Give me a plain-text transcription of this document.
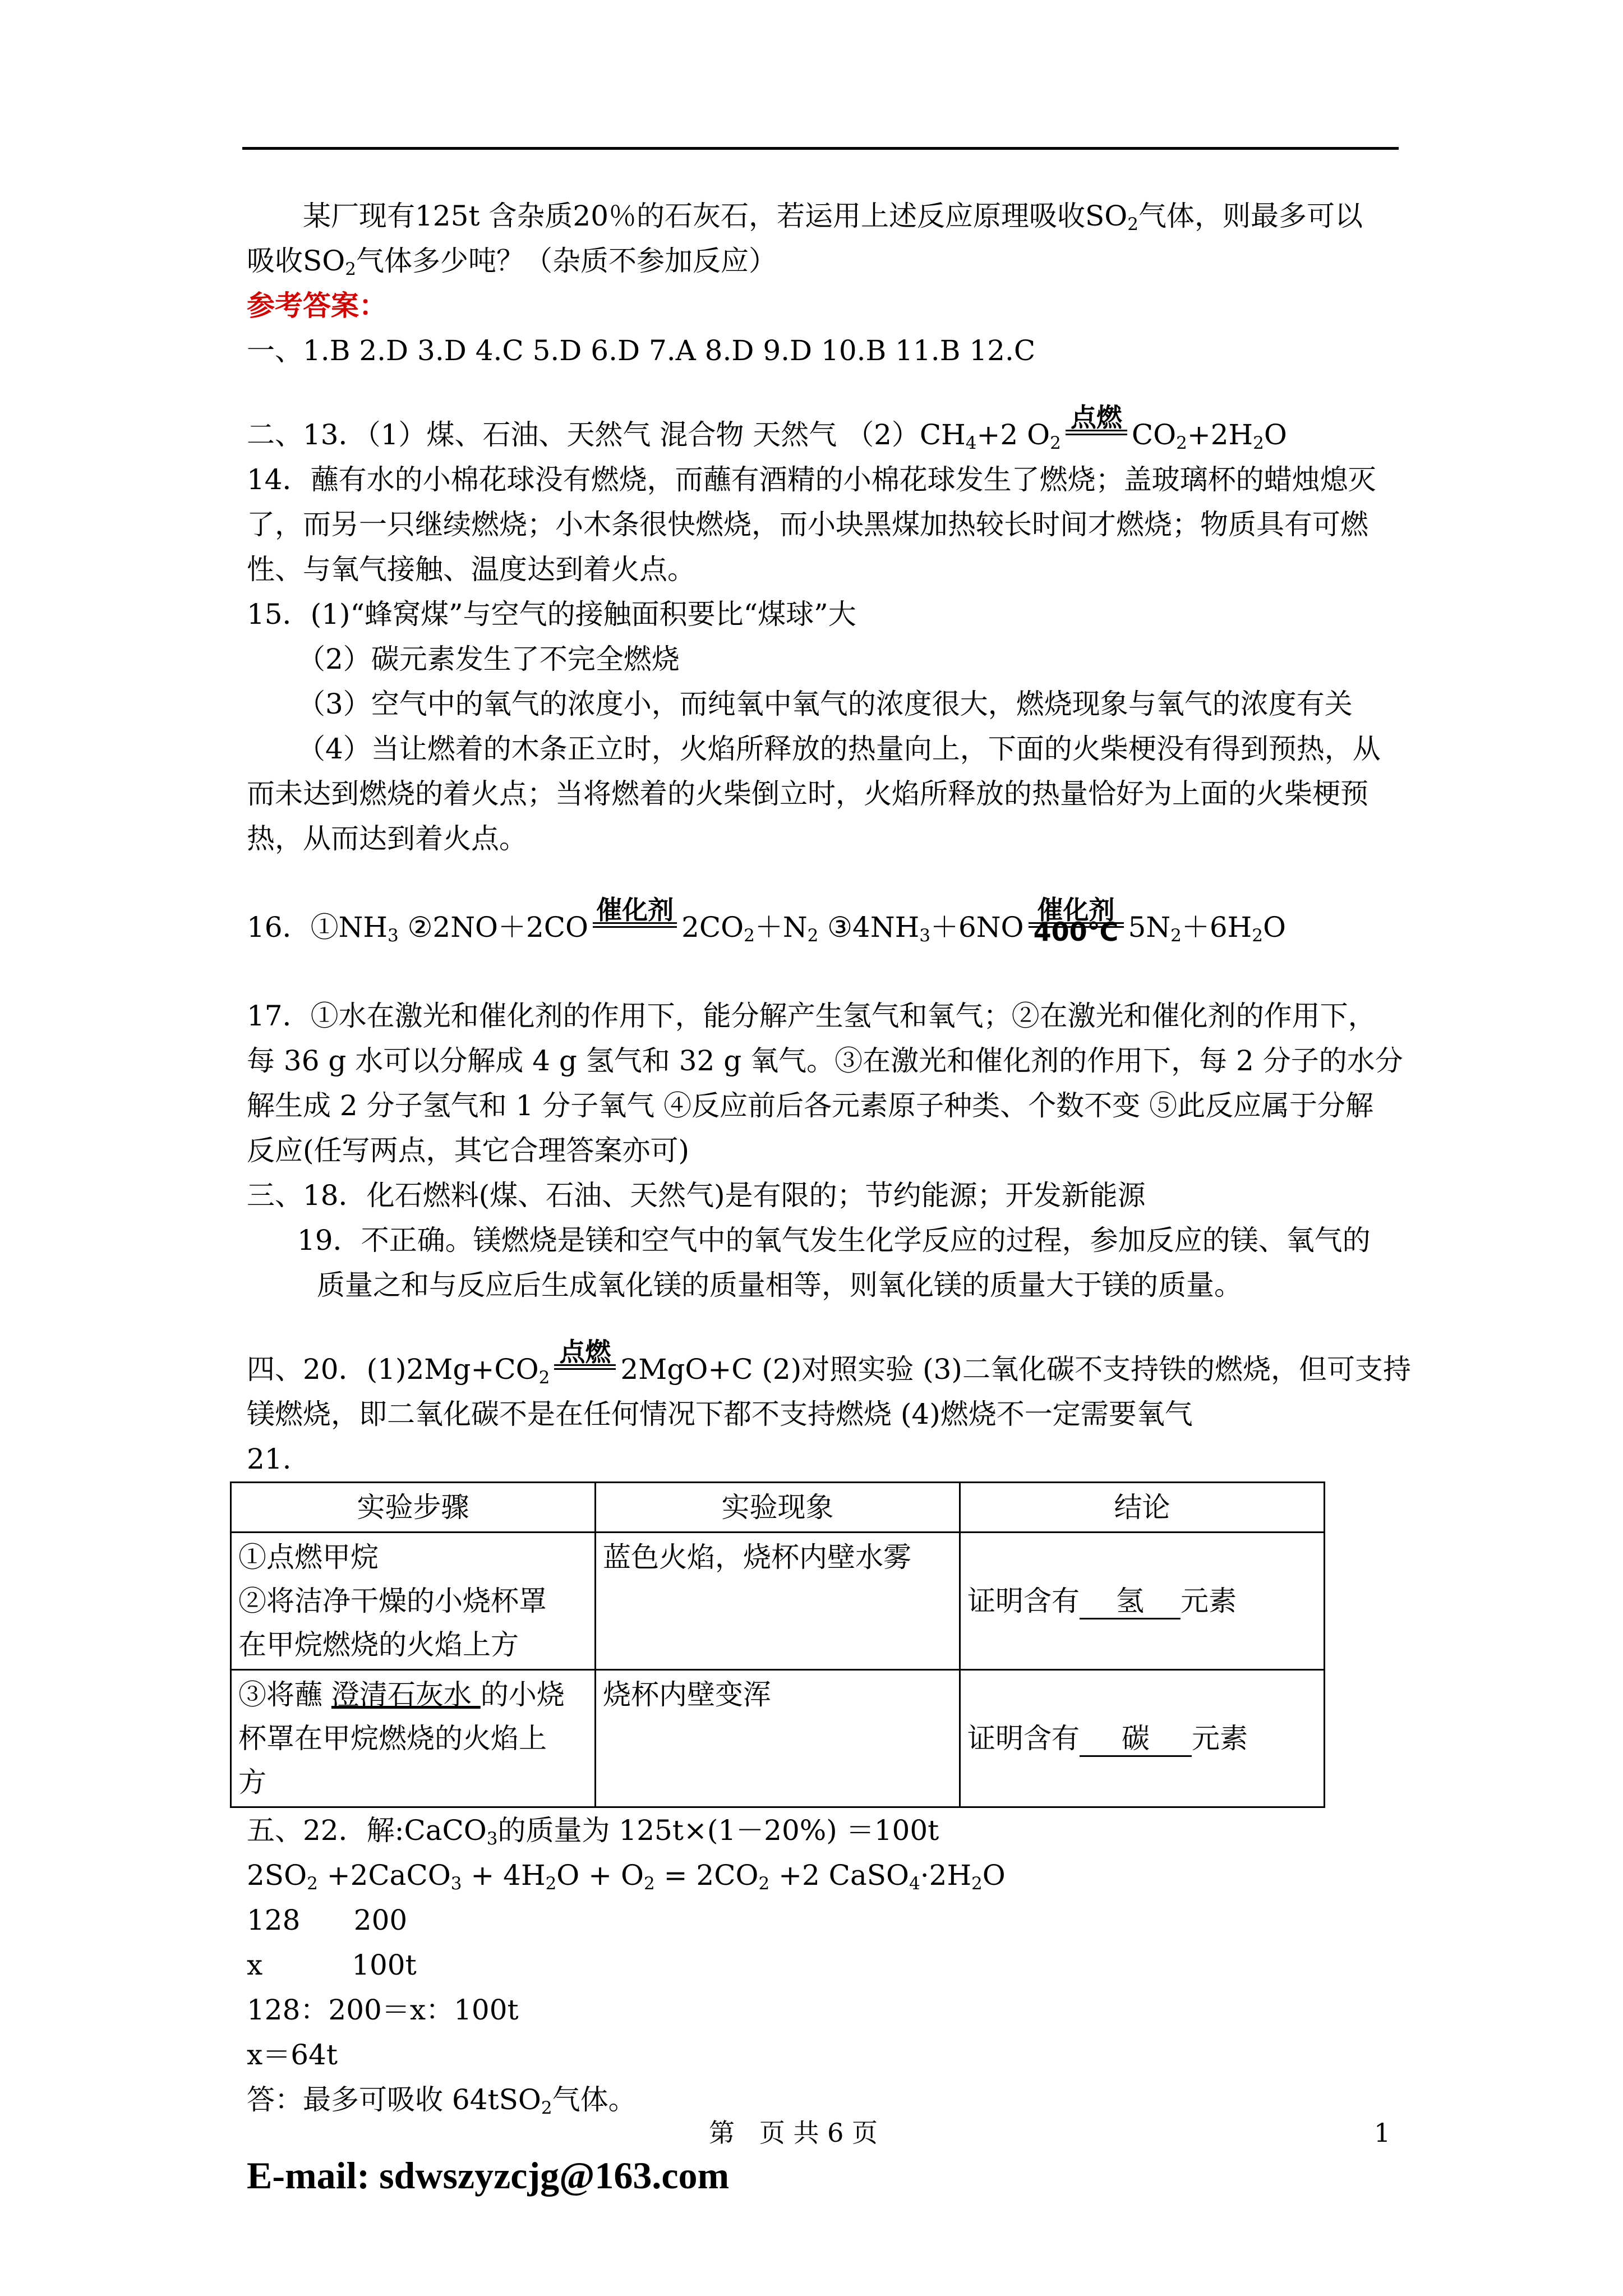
某厂现有125t 含杂质20％的石灰石，若运用上述反应原理吸收$SO_2$气体，则最多可以

吸收$SO_2$气体多少吨？（杂质不参加反应）

参考答案：

一、1.B 2.D 3.D 4.C 5.D 6.D 7.A 8.D 9.D 10.B 11.B 12.C

二、13．（1）煤、石油、天然气 混合物 天然气 $(2)CH_4+2$ $O_2$
点燃
$CO_2+2H_2O$

14．蘸有水的小棉花球没有燃烧，而蘸有酒精的小棉花球发生了燃烧；盖玻璃杯的蜡烛熄灭

了，而另一只继续燃烧；小木条很快燃烧，而小块黑煤加热较长时间才燃烧；物质具有可燃

性、与氧气接触、温度达到着火点。

15．(1)“蜂窝煤”与空气的接触面积要比“煤球”大

（2）碳元素发生了不完全燃烧

（3）空气中的氧气的浓度小，而纯氧中氧气的浓度很大，燃烧现象与氧气的浓度有关

（4）当让燃着的木条正立时，火焰所释放的热量向上，下面的火柴梗没有得到预热，从

而未达到燃烧的着火点；当将燃着的火柴倒立时，火焰所释放的热量恰好为上面的火柴梗预

热，从而达到着火点。

16．$①NH_3$ ②2NO＋2CO
催化剂
$2CO_2+N_2$ $③4NH_3+6NO$
催化剂
400℃ $5N_2+6H_2O$

17．①水在激光和催化剂的作用下，能分解产生氢气和氧气；②在激光和催化剂的作用下，

每 36 g 水可以分解成 4 g 氢气和 32 g 氧气。③在激光和催化剂的作用下，每 2 分子的水分

解生成 2 分子氢气和 1 分子氧气 ④反应前后各元素原子种类、个数不变 ⑤此反应属于分解

反应(任写两点，其它合理答案亦可)

三、18．化石燃料(煤、石油、天然气)是有限的；节约能源；开发新能源

19．不正确。镁燃烧是镁和空气中的氧气发生化学反应的过程，参加反应的镁、氧气的

质量之和与反应后生成氧化镁的质量相等，则氧化镁的质量大于镁的质量。

四、20．$(1)2Mg+CO_2$
点燃
2MgO+C (2)对照实验 (3)二氧化碳不支持铁的燃烧，但可支持

镁燃烧，即二氧化碳不是在任何情况下都不支持燃烧 (4)燃烧不一定需要氧气

21.

实验步骤	实验现象	结论

①点燃甲烷
②将洁净干燥的小烧杯罩
在甲烷燃烧的火焰上方	蓝色火焰，烧杯内壁水雾	证明含有 氢 元素

③将蘸 澄清石灰水 的小烧
杯罩在甲烷燃烧的火焰上
方	烧杯内壁变浑	证明含有 碳 元素

五、22．解:CaCO$_3$的质量为 125t×(1－20%) ＝100t

$2SO_2$ +2CaCO$_3$ + $4H_2O + O_2 = 2CO_2 +2$ $CaSO_4\cdot 2H_2O$

128      200

x          100t

128：200＝x：100t

x＝64t

答：最多可吸收 64tSO$_2$气体。

E-mail: sdwszyzcjg@163.com

第   页 共 6 页	1
